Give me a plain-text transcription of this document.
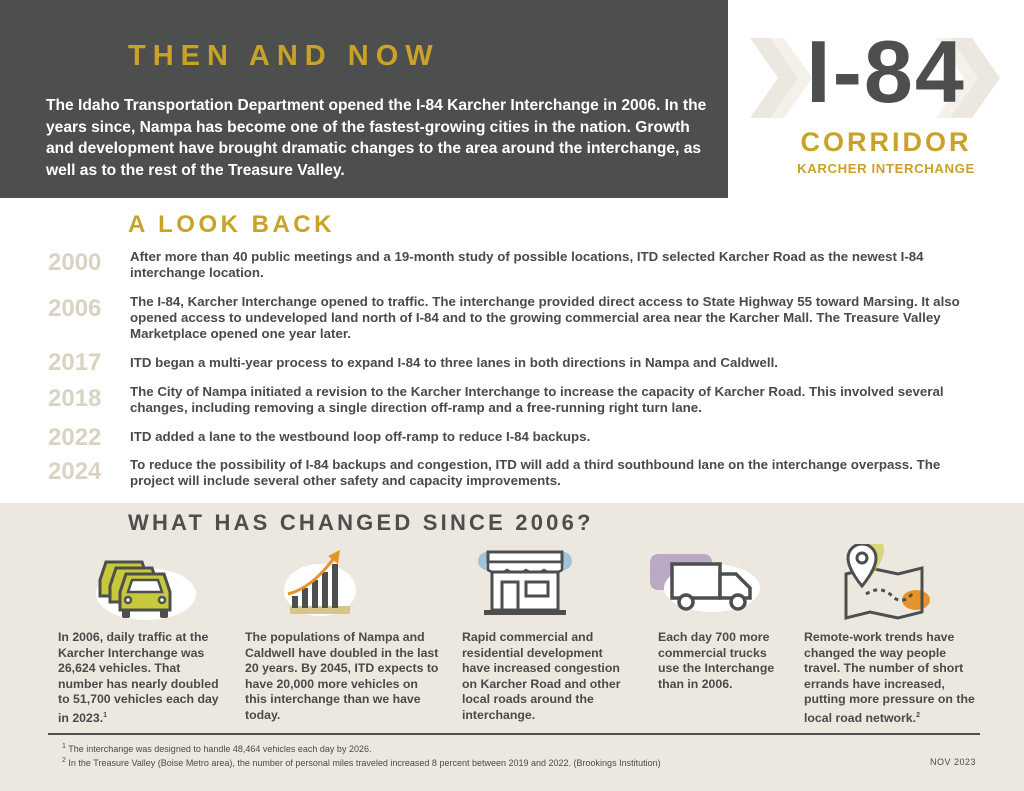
THEN AND NOW
The Idaho Transportation Department opened the I-84 Karcher Interchange in 2006. In the years since, Nampa has become one of the fastest-growing cities in the nation. Growth and development have brought dramatic changes to the area around the interchange, as well as to the rest of the Treasure Valley.
I-84
CORRIDOR
KARCHER INTERCHANGE
A LOOK BACK
2000	After more than 40 public meetings and a 19-month study of possible locations, ITD selected Karcher Road as the newest I-84 interchange location.
2006	The I-84, Karcher Interchange opened to traffic. The interchange provided direct access to State Highway 55 toward Marsing. It also opened access to undeveloped land north of I-84 and to the growing commercial area near the Karcher Mall. The Treasure Valley Marketplace opened one year later.
2017	ITD began a multi-year process to expand I-84 to three lanes in both directions in Nampa and Caldwell.
2018	The City of Nampa initiated a revision to the Karcher Interchange to increase the capacity of Karcher Road. This involved several changes, including removing a single direction off-ramp and a free-running right turn lane.
2022	ITD added a lane to the westbound loop off-ramp to reduce I-84 backups.
2024	To reduce the possibility of I-84 backups and congestion, ITD will add a third southbound lane on the interchange overpass. The project will include several other safety and capacity improvements.
WHAT HAS CHANGED SINCE 2006?
In 2006, daily traffic at the Karcher Interchange was 26,624 vehicles. That number has nearly doubled to 51,700 vehicles each day in 2023.$^1$
The populations of Nampa and Caldwell have doubled in the last 20 years. By 2045, ITD expects to have 20,000 more vehicles on this interchange than we have today.
Rapid commercial and residential development have increased congestion on Karcher Road and other local roads around the interchange.
Each day 700 more commercial trucks use the Interchange than in 2006.
Remote-work trends have changed the way people travel. The number of short errands have increased, putting more pressure on the local road network.$^2$
$^1$ The interchange was designed to handle 48,464 vehicles each day by 2026.
$^2$ In the Treasure Valley (Boise Metro area), the number of personal miles traveled increased 8 percent between 2019 and 2022. (Brookings Institution)	NOV 2023
